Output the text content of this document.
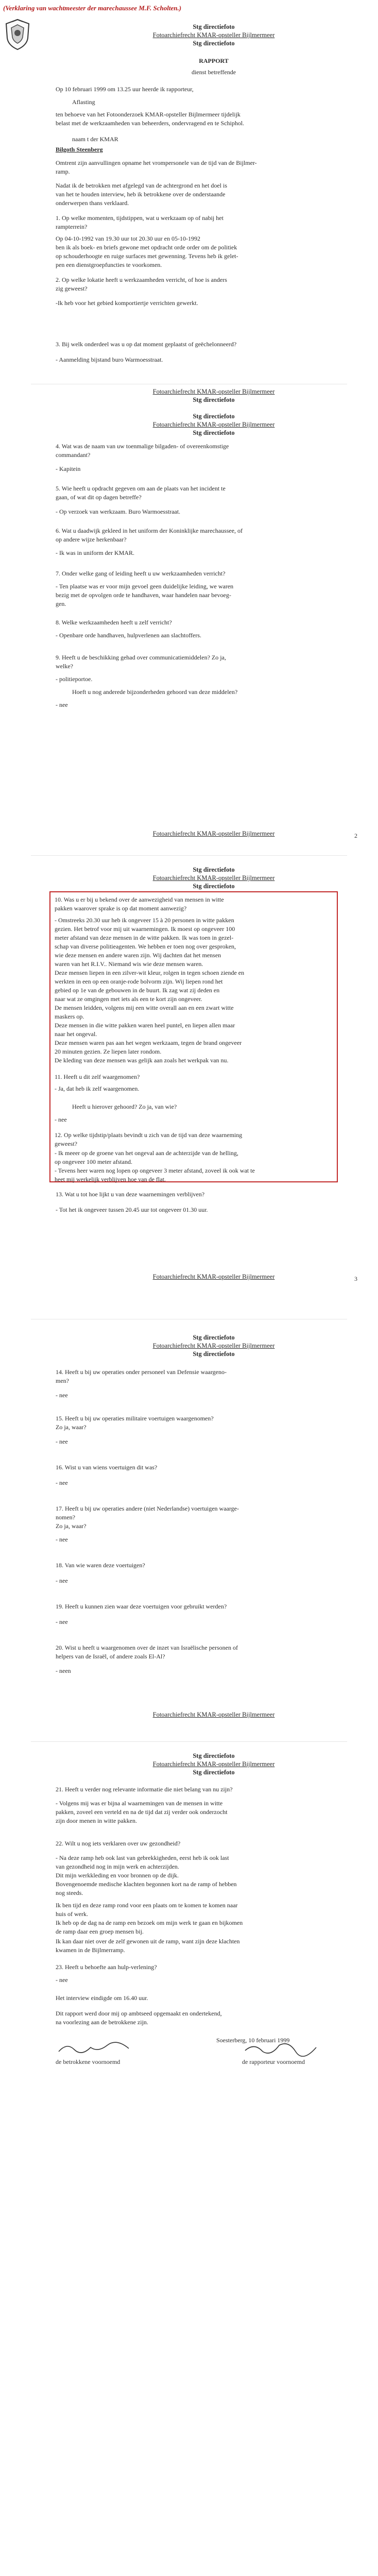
(Verklaring van wachtmeester der marechaussee M.F. Scholten.)
Stg directiefoto
Fotoarchiefrecht KMAR-opsteller Bijlmermeer
Stg directiefoto
RAPPORT
dienst betreffende
Op 10 februari 1999 om 13.25 uur heerde ik rapporteur,
Aflasting
ten behoeve van het Fotoonderzoek KMAR-opsteller Bijlmermeer tijdelijk
belast met de werkzaamheden van beheerders, ondervragend en te Schiphol.
naam t der KMAR
Bilgoth Steenberg
Omtrent zijn aanvullingen opname het vrompersonele van de tijd van de Bijlmer-
ramp.
Nadat ik de betrokken met afgelegd van de achtergrond en het doel is
van het te houden interview, heb ik betrokkene over de onderstaande
onderwerpen thans verklaard.
1. Op welke momenten, tijdstippen, wat u werkzaam op of nabij het
rampterrein?
Op 04-10-1992 van 19.30 uur tot 20.30 uur en 05-10-1992
ben ik als boek- en briefs gewone met opdracht orde order om de politiek
op schouderhoogte en ruige surfaces met gewenning. Tevens heb ik gelet-
pen een dienstgroepfuncties te voorkomen.
2. Op welke lokatie heeft u werkzaamheden verricht, of hoe is anders
zig geweest?
-Ik heb voor het gebied komportiertje verrichten gewerkt.
3. Bij welk onderdeel was u op dat moment geplaatst of geëchelonneerd?
- Aanmelding bijstand buro Warmoesstraat.
Fotoarchiefrecht KMAR-opsteller Bijlmermeer
Stg directiefoto
Stg directiefoto
Fotoarchiefrecht KMAR-opsteller Bijlmermeer
Stg directiefoto
4. Wat was de naam van uw toenmalige bilgaden- of overeenkomstige
commandant?
- Kapitein
5. Wie heeft u opdracht gegeven om aan de plaats van het incident te
gaan, of wat dit op dagen betreffe?
- Op verzoek van werkzaam. Buro Warmoesstraat.
6. Wat u daadwijk gekleed in het uniform der Koninklijke marechaussee, of
op andere wijze herkenbaar?
- Ik was in uniform der KMAR.
7. Onder welke gang of leiding heeft u uw werkzaamheden verricht?
- Ten plaatse was er voor mijn gevoel geen duidelijke leiding, we waren
bezig met de opvolgen orde te handhaven, waar handelen naar bevoeg-
gen.
8. Welke werkzaamheden heeft u zelf verricht?
- Openbare orde handhaven, hulpverlenen aan slachtoffers.
9. Heeft u de beschikking gehad over communicatiemiddelen? Zo ja,
welke?
- politieportoe.
Hoeft u nog anderede bijzonderheden gehoord van deze middelen?
- nee
Fotoarchiefrecht KMAR-opsteller Bijlmermeer	2
Stg directiefoto
Fotoarchiefrecht KMAR-opsteller Bijlmermeer
Stg directiefoto
10. Was u er bij u bekend over de aanwezigheid van mensen in witte
pakken waarover sprake is op dat moment aanwezig?
- Omstreeks 20.30 uur heb ik ongeveer 15 à 20 personen in witte pakken
gezien. Het betrof voor mij uit waarnemingen. Ik moest op ongeveer 100
meter afstand van deze mensen in de witte pakken. Ik was toen in gezel-
schap van diverse politieagenten. We hebben er toen nog over gesproken,
wie deze mensen en andere waren zijn. Wij dachten dat het mensen
waren van het R.I.V.. Niemand wis wie deze mensen waren.
Deze mensen liepen in een zilver-wit kleur, rolgen in tegen schoen ziende en
werkten in een op een oranje-rode bolvorm zijn. Wij liepen rond het
gebied op 1e van de gebouwen in de buurt. Ik zag wat zij deden en
naar wat ze omgingen met iets als een te kort zijn ongeveer.
De mensen leidden, volgens mij een witte overall aan en een zwart witte
maskers op.
Deze mensen in die witte pakken waren heel puntel, en liepen allen maar
naar het ongeval.
Deze mensen waren pas aan het wegen werkzaam, tegen de brand ongeveer
20 minuten gezien. Ze liepen later rondom.
De kleding van deze mensen was gelijk aan zoals het werkpak van nu.
11. Heeft u dit zelf waargenomen?
- Ja, dat heb ik zelf waargenomen.
Heeft u hierover gehoord? Zo ja, van wie?
- nee
12. Op welke tijdstip/plaats bevindt u zich van de tijd van deze waarneming
geweest?
- Ik meeer op de groene van het ongeval aan de achterzijde van de helling,
op ongeveer 100 meter afstand.
- Tevens heer waren nog lopen op ongeveer 3 meter afstand, zoveel ik ook wat te
heet mij werkelijk verblijven hoe van de flat.
13. Wat u tot hoe lijkt u van deze waarnemingen verblijven?
- Tot het ik ongeveer tussen 20.45 uur tot ongeveer 01.30 uur.
Fotoarchiefrecht KMAR-opsteller Bijlmermeer	3
Stg directiefoto
Fotoarchiefrecht KMAR-opsteller Bijlmermeer
Stg directiefoto
14. Heeft u bij uw operaties onder personeel van Defensie waargeno-
men?
- nee
15. Heeft u bij uw operaties militaire voertuigen waargenomen?
Zo ja, waar?
- nee
16. Wist u van wiens voertuigen dit was?
- nee
17. Heeft u bij uw operaties andere (niet Nederlandse) voertuigen waarge-
nomen?
Zo ja, waar?
- nee
18. Van wie waren deze voertuigen?
- nee
19. Heeft u kunnen zien waar deze voertuigen voor gebruikt werden?
- nee
20. Wist u heeft u waargenomen over de inzet van Israëlische personen of
helpers van de Israël, of andere zoals El-Al?
- neen
Fotoarchiefrecht KMAR-opsteller Bijlmermeer
Stg directiefoto
Fotoarchiefrecht KMAR-opsteller Bijlmermeer
Stg directiefoto
21. Heeft u verder nog relevante informatie die niet belang van nu zijn?
- Volgens mij was er bijna al waarnemingen van de mensen in witte
pakken, zoveel een verteld en na de tijd dat zij verder ook onderzocht
zijn door menen in witte pakken.
22. Wilt u nog iets verklaren over uw gezondheid?
- Na deze ramp heb ook last van gebrekkigheden, eerst heb ik ook last
van gezondheid nog in mijn werk en achterzijden.
Dit mijn werkkleding en voor bronnen op de dijk.
Bovengenoemde medische klachten begonnen kort na de ramp of hebben
nog steeds.
Ik ben tijd en deze ramp rond voor een plaats om te komen te komen naar
huis of werk.
Ik heb op de dag na de ramp een bezoek om mijn werk te gaan en bijkomen
de ramp daar een groep mensen bij.
Ik kan daar niet over de zelf gewonen uit de ramp, want zijn deze klachten
kwamen in de Bijlmerramp.
23. Heeft u behoefte aan hulp-verlening?
- nee
Het interview eindigde om 16.40 uur.
Dit rapport werd door mij op ambtseed opgemaakt en ondertekend,
na voorlezing aan de betrokkene zijn.
Soesterberg, 10 februari 1999
de betrokkene voornoemd	de rapporteur voornoemd
